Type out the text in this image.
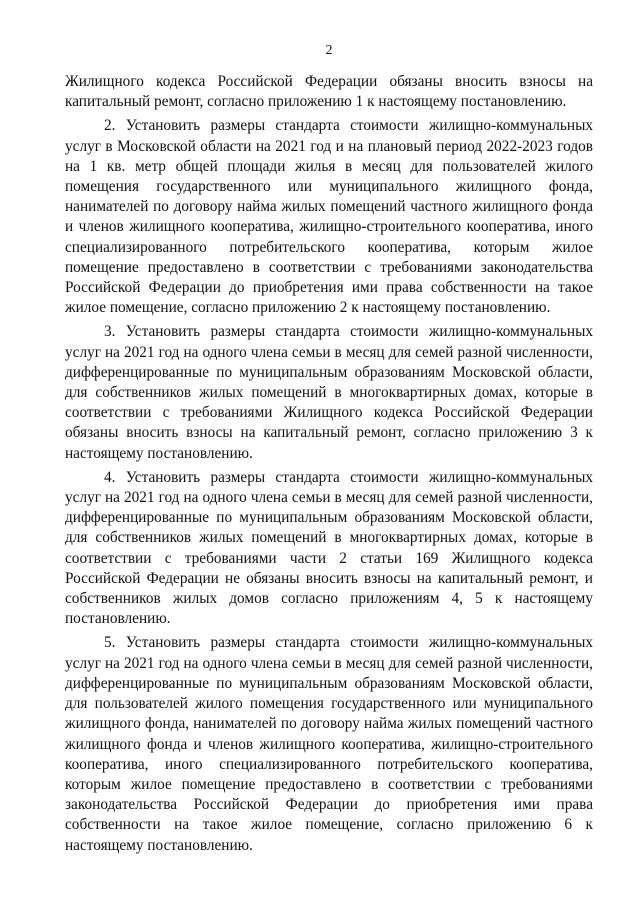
2

Жилищного кодекса Российской Федерации обязаны вносить взносы на капитальный ремонт, согласно приложению 1 к настоящему постановлению.

2. Установить размеры стандарта стоимости жилищно-коммунальных услуг в Московской области на 2021 год и на плановый период 2022-2023 годов на 1 кв. метр общей площади жилья в месяц для пользователей жилого помещения государственного или муниципального жилищного фонда, нанимателей по договору найма жилых помещений частного жилищного фонда и членов жилищного кооператива, жилищно-строительного кооператива, иного специализированного потребительского кооператива, которым жилое помещение предоставлено в соответствии с требованиями законодательства Российской Федерации до приобретения ими права собственности на такое жилое помещение, согласно приложению 2 к настоящему постановлению.

3. Установить размеры стандарта стоимости жилищно-коммунальных услуг на 2021 год на одного члена семьи в месяц для семей разной численности, дифференцированные по муниципальным образованиям Московской области, для собственников жилых помещений в многоквартирных домах, которые в соответствии с требованиями Жилищного кодекса Российской Федерации обязаны вносить взносы на капитальный ремонт, согласно приложению 3 к настоящему постановлению.

4. Установить размеры стандарта стоимости жилищно-коммунальных услуг на 2021 год на одного члена семьи в месяц для семей разной численности, дифференцированные по муниципальным образованиям Московской области, для собственников жилых помещений в многоквартирных домах, которые в соответствии с требованиями части 2 статьи 169 Жилищного кодекса Российской Федерации не обязаны вносить взносы на капитальный ремонт, и собственников жилых домов согласно приложениям 4, 5 к настоящему постановлению.

5. Установить размеры стандарта стоимости жилищно-коммунальных услуг на 2021 год на одного члена семьи в месяц для семей разной численности, дифференцированные по муниципальным образованиям Московской области, для пользователей жилого помещения государственного или муниципального жилищного фонда, нанимателей по договору найма жилых помещений частного жилищного фонда и членов жилищного кооператива, жилищно-строительного кооператива, иного специализированного потребительского кооператива, которым жилое помещение предоставлено в соответствии с требованиями законодательства Российской Федерации до приобретения ими права собственности на такое жилое помещение, согласно приложению 6 к настоящему постановлению.
